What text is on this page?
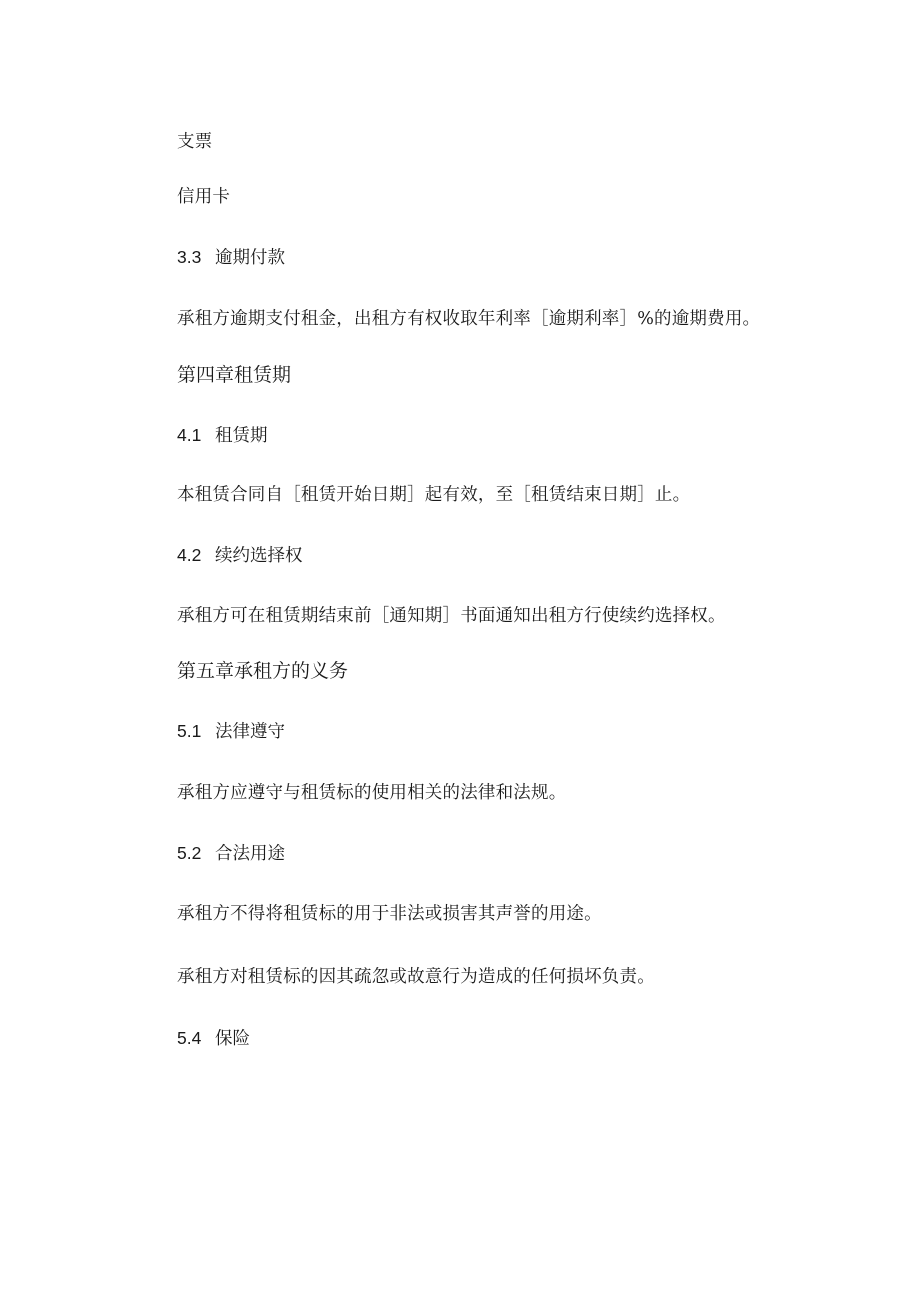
支票
信用卡
3.3 逾期付款
承租方逾期支付租金，出租方有权收取年利率［逾期利率］%的逾期费用。
第四章租赁期
4.1 租赁期
本租赁合同自［租赁开始日期］起有效，至［租赁结束日期］止。
4.2 续约选择权
承租方可在租赁期结束前［通知期］书面通知出租方行使续约选择权。
第五章承租方的义务
5.1 法律遵守
承租方应遵守与租赁标的使用相关的法律和法规。
5.2 合法用途
承租方不得将租赁标的用于非法或损害其声誉的用途。
承租方对租赁标的因其疏忽或故意行为造成的任何损坏负责。
5.4 保险
